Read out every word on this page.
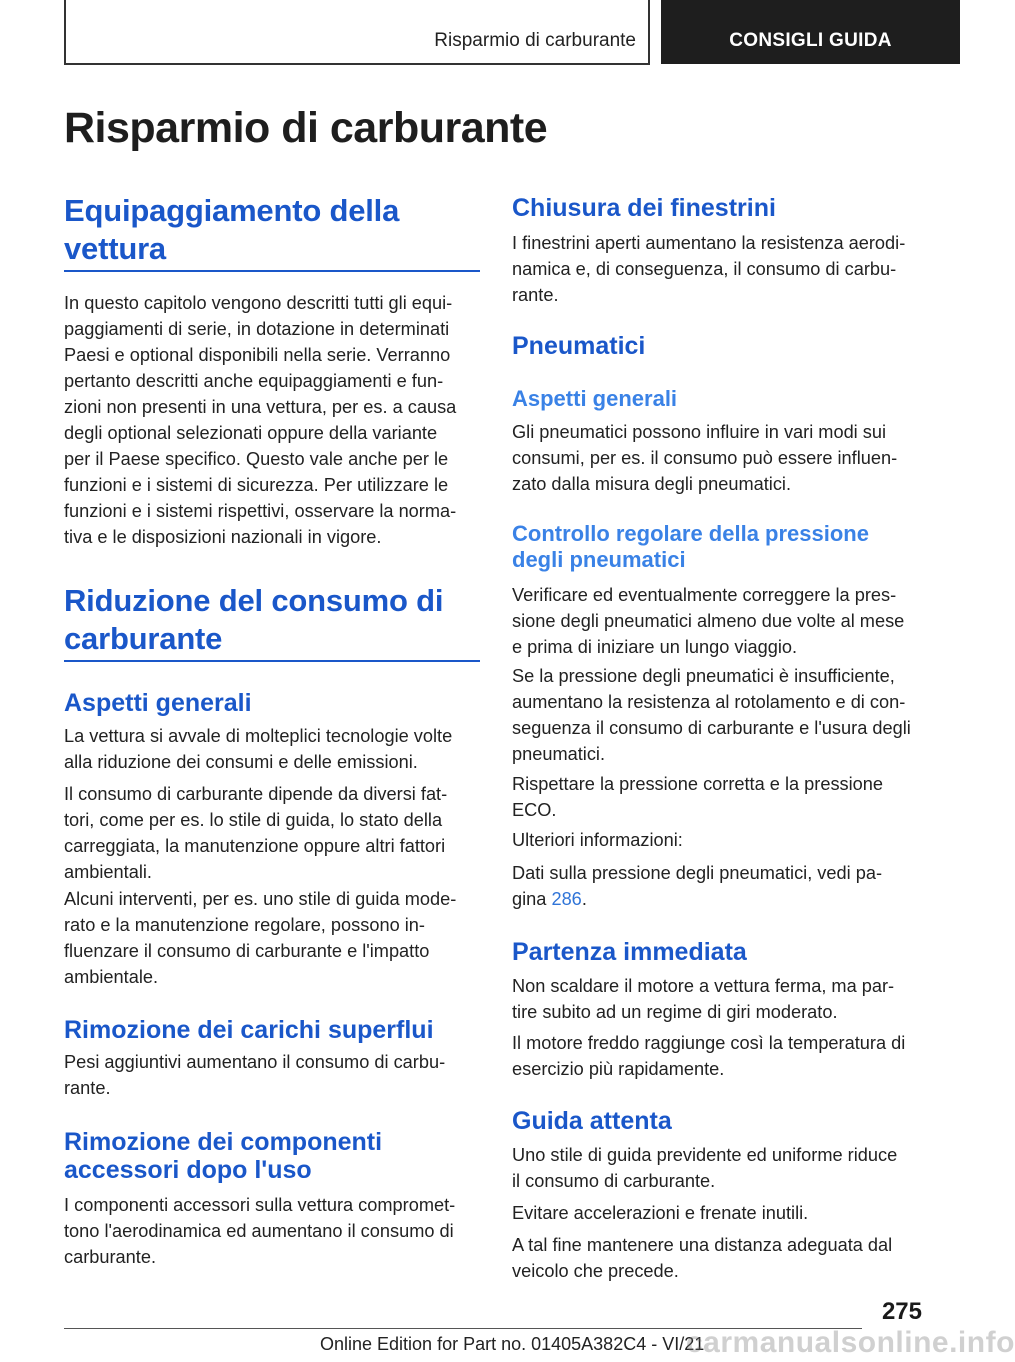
Risparmio di carburante	CONSIGLI GUIDA
Risparmio di carburante
Equipaggiamento della
vettura
In questo capitolo vengono descritti tutti gli equi‐
paggiamenti di serie, in dotazione in determinati
Paesi e optional disponibili nella serie. Verranno
pertanto descritti anche equipaggiamenti e fun‐
zioni non presenti in una vettura, per es. a causa
degli optional selezionati oppure della variante
per il Paese specifico. Questo vale anche per le
funzioni e i sistemi di sicurezza. Per utilizzare le
funzioni e i sistemi rispettivi, osservare la norma‐
tiva e le disposizioni nazionali in vigore.
Riduzione del consumo di
carburante
Aspetti generali
La vettura si avvale di molteplici tecnologie volte
alla riduzione dei consumi e delle emissioni.
Il consumo di carburante dipende da diversi fat‐
tori, come per es. lo stile di guida, lo stato della
carreggiata, la manutenzione oppure altri fattori
ambientali.
Alcuni interventi, per es. uno stile di guida mode‐
rato e la manutenzione regolare, possono in‐
fluenzare il consumo di carburante e l'impatto
ambientale.
Rimozione dei carichi superflui
Pesi aggiuntivi aumentano il consumo di carbu‐
rante.
Rimozione dei componenti
accessori dopo l'uso
I componenti accessori sulla vettura compromet‐
tono l'aerodinamica ed aumentano il consumo di
carburante.
Chiusura dei finestrini
I finestrini aperti aumentano la resistenza aerodi‐
namica e, di conseguenza, il consumo di carbu‐
rante.
Pneumatici
Aspetti generali
Gli pneumatici possono influire in vari modi sui
consumi, per es. il consumo può essere influen‐
zato dalla misura degli pneumatici.
Controllo regolare della pressione
degli pneumatici
Verificare ed eventualmente correggere la pres‐
sione degli pneumatici almeno due volte al mese
e prima di iniziare un lungo viaggio.
Se la pressione degli pneumatici è insufficiente,
aumentano la resistenza al rotolamento e di con‐
seguenza il consumo di carburante e l'usura degli
pneumatici.
Rispettare la pressione corretta e la pressione
ECO.
Ulteriori informazioni:
Dati sulla pressione degli pneumatici, vedi pa‐
gina 286.
Partenza immediata
Non scaldare il motore a vettura ferma, ma par‐
tire subito ad un regime di giri moderato.
Il motore freddo raggiunge così la temperatura di
esercizio più rapidamente.
Guida attenta
Uno stile di guida previdente ed uniforme riduce
il consumo di carburante.
Evitare accelerazioni e frenate inutili.
A tal fine mantenere una distanza adeguata dal
veicolo che precede.
275
Online Edition for Part no. 01405A382C4 - VI/21
carmanualsonline.info
